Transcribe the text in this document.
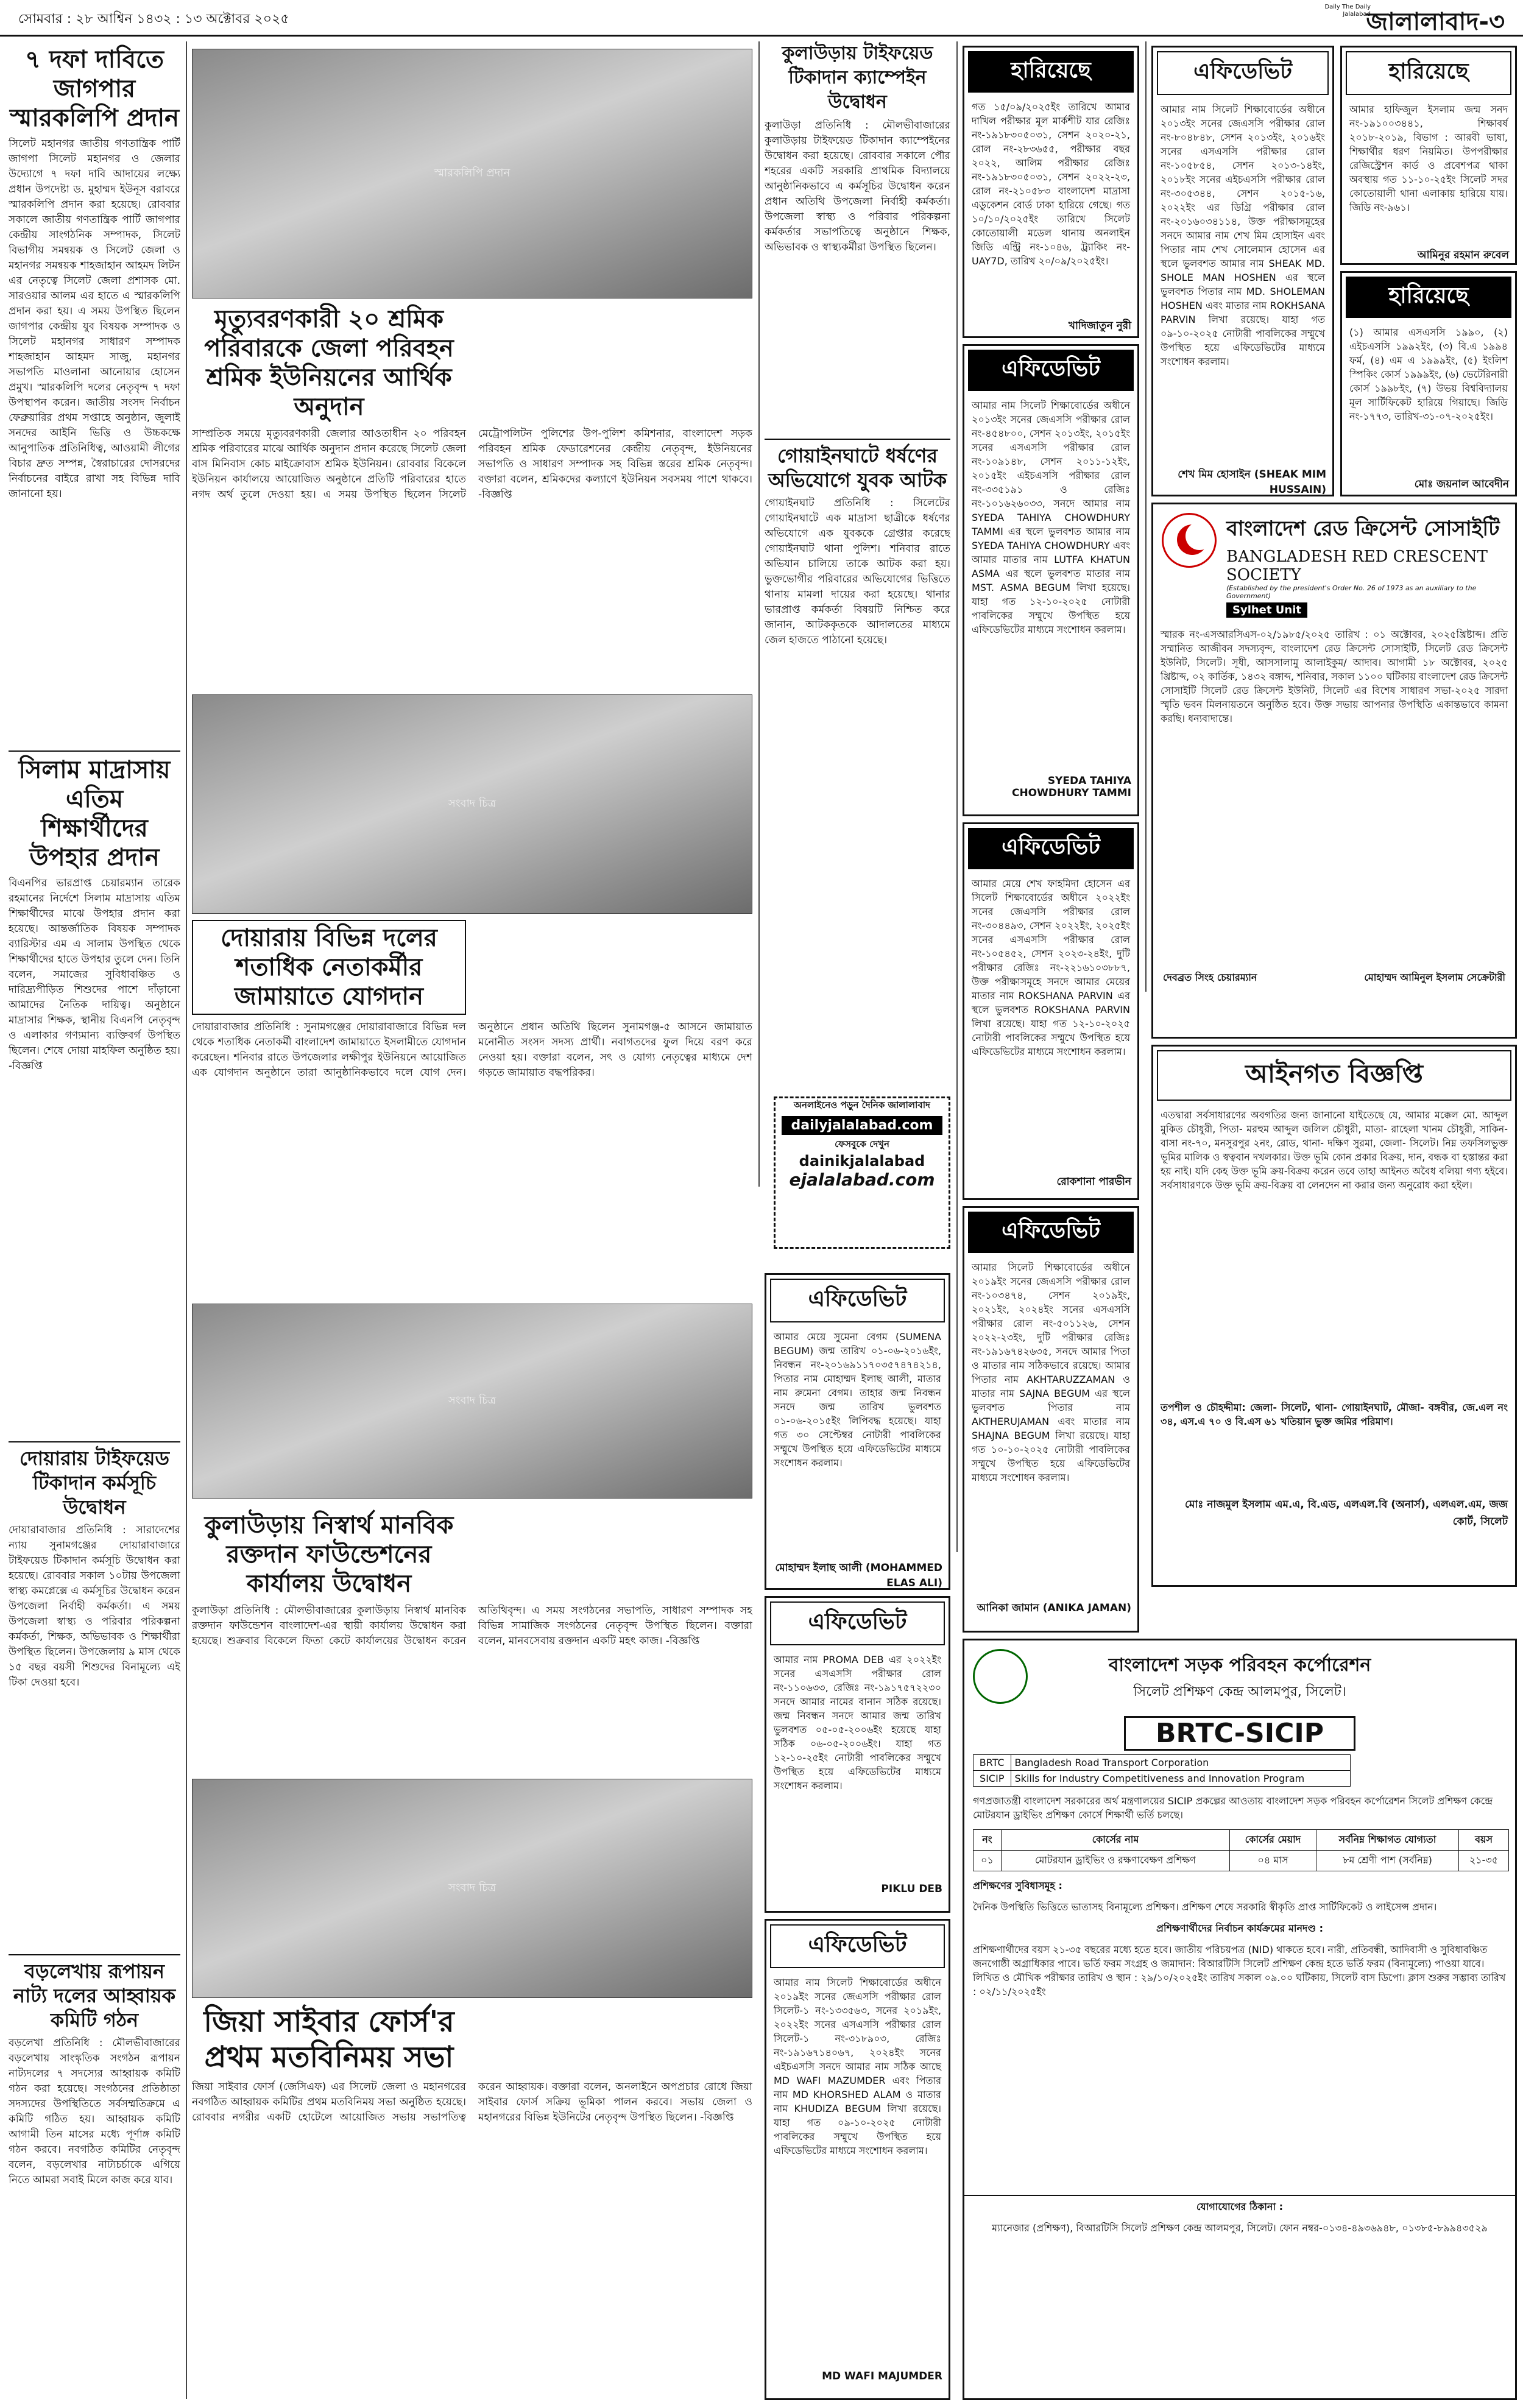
সোমবার : ২৮ আশ্বিন ১৪৩২ : ১৩ অক্টোবর ২০২৫
Daily The Daily Jalalabad
জালালাবাদ-৩
৭ দফা দাবিতে জাগপার স্মারকলিপি প্রদান
সিলেট মহানগর জাতীয় গণতান্ত্রিক পার্টি জাগপা সিলেট মহানগর ও জেলার উদ্যোগে ৭ দফা দাবি আদায়ের লক্ষ্যে প্রধান উপদেষ্টা ড. মুহাম্মদ ইউনূস বরাবরে স্মারকলিপি প্রদান করা হয়েছে। রোববার সকালে জাতীয় গণতান্ত্রিক পার্টি জাগপার কেন্দ্রীয় সাংগঠনিক সম্পাদক, সিলেট বিভাগীয় সমন্বয়ক ও সিলেট জেলা ও মহানগর সমন্বয়ক শাহজাহান আহমদ লিটন এর নেতৃত্বে সিলেট জেলা প্রশাসক মো. সারওয়ার আলম এর হাতে এ স্মারকলিপি প্রদান করা হয়। এ সময় উপস্থিত ছিলেন জাগপার কেন্দ্রীয় যুব বিষয়ক সম্পাদক ও সিলেট মহানগর সাধারণ সম্পাদক শাহজাহান আহমদ সাজু, মহানগর সভাপতি মাওলানা আনোয়ার হোসেন প্রমুখ। স্মারকলিপি দলের নেতৃবৃন্দ ৭ দফা উপস্থাপন করেন। জাতীয় সংসদ নির্বাচন ফেব্রুয়ারির প্রথম সপ্তাহে অনুষ্ঠান, জুলাই সনদের আইনি ভিত্তি ও উচ্চকক্ষে আনুপাতিক প্রতিনিধিত্ব, আওয়ামী লীগের বিচার দ্রুত সম্পন্ন, স্বৈরাচারের দোসরদের নির্বাচনের বাইরে রাখা সহ বিভিন্ন দাবি জানানো হয়।
সিলাম মাদ্রাসায় এতিম শিক্ষার্থীদের উপহার প্রদান
বিএনপির ভারপ্রাপ্ত চেয়ারম্যান তারেক রহমানের নির্দেশে সিলাম মাদ্রাসায় এতিম শিক্ষার্থীদের মাঝে উপহার প্রদান করা হয়েছে। আন্তর্জাতিক বিষয়ক সম্পাদক ব্যারিস্টার এম এ সালাম উপস্থিত থেকে শিক্ষার্থীদের হাতে উপহার তুলে দেন। তিনি বলেন, সমাজের সুবিধাবঞ্চিত ও দারিদ্র্যপীড়িত শিশুদের পাশে দাঁড়ানো আমাদের নৈতিক দায়িত্ব। অনুষ্ঠানে মাদ্রাসার শিক্ষক, স্থানীয় বিএনপি নেতৃবৃন্দ ও এলাকার গণ্যমান্য ব্যক্তিবর্গ উপস্থিত ছিলেন। শেষে দোয়া মাহফিল অনুষ্ঠিত হয়। -বিজ্ঞপ্তি
দোয়ারায় টাইফয়েড টিকাদান কর্মসূচি উদ্বোধন
দোয়ারাবাজার প্রতিনিধি : সারাদেশের ন্যায় সুনামগঞ্জের দোয়ারাবাজারে টাইফয়েড টিকাদান কর্মসূচি উদ্বোধন করা হয়েছে। রোববার সকাল ১০টায় উপজেলা স্বাস্থ্য কমপ্লেক্সে এ কর্মসূচির উদ্বোধন করেন উপজেলা নির্বাহী কর্মকর্তা। এ সময় উপজেলা স্বাস্থ্য ও পরিবার পরিকল্পনা কর্মকর্তা, শিক্ষক, অভিভাবক ও শিক্ষার্থীরা উপস্থিত ছিলেন। উপজেলায় ৯ মাস থেকে ১৫ বছর বয়সী শিশুদের বিনামূল্যে এই টিকা দেওয়া হবে।
বড়লেখায় রূপায়ন নাট্য দলের আহ্বায়ক কমিটি গঠন
বড়লেখা প্রতিনিধি : মৌলভীবাজারের বড়লেখায় সাংস্কৃতিক সংগঠন রূপায়ন নাট্যদলের ৭ সদস্যের আহ্বায়ক কমিটি গঠন করা হয়েছে। সংগঠনের প্রতিষ্ঠাতা সদস্যদের উপস্থিতিতে সর্বসম্মতিক্রমে এ কমিটি গঠিত হয়। আহ্বায়ক কমিটি আগামী তিন মাসের মধ্যে পূর্ণাঙ্গ কমিটি গঠন করবে। নবগঠিত কমিটির নেতৃবৃন্দ বলেন, বড়লেখার নাট্যচর্চাকে এগিয়ে নিতে আমরা সবাই মিলে কাজ করে যাব।
স্মারকলিপি প্রদান
মৃত্যুবরণকারী ২০ শ্রমিক পরিবারকে জেলা পরিবহন শ্রমিক ইউনিয়নের আর্থিক অনুদান
সাম্প্রতিক সময়ে মৃত্যুবরণকারী জেলার আওতাধীন ২০ পরিবহন শ্রমিক পরিবারের মাঝে আর্থিক অনুদান প্রদান করেছে সিলেট জেলা বাস মিনিবাস কোচ মাইক্রোবাস শ্রমিক ইউনিয়ন। রোববার বিকেলে ইউনিয়ন কার্যালয়ে আয়োজিত অনুষ্ঠানে প্রতিটি পরিবারের হাতে নগদ অর্থ তুলে দেওয়া হয়। এ সময় উপস্থিত ছিলেন সিলেট মেট্রোপলিটন পুলিশের উপ-পুলিশ কমিশনার, বাংলাদেশ সড়ক পরিবহন শ্রমিক ফেডারেশনের কেন্দ্রীয় নেতৃবৃন্দ, ইউনিয়নের সভাপতি ও সাধারণ সম্পাদক সহ বিভিন্ন স্তরের শ্রমিক নেতৃবৃন্দ। বক্তারা বলেন, শ্রমিকদের কল্যাণে ইউনিয়ন সবসময় পাশে থাকবে। -বিজ্ঞপ্তি
সংবাদ চিত্র
দোয়ারায় বিভিন্ন দলের শতাধিক নেতাকর্মীর জামায়াতে যোগদান
দোয়ারাবাজার প্রতিনিধি : সুনামগঞ্জের দোয়ারাবাজারে বিভিন্ন দল থেকে শতাধিক নেতাকর্মী বাংলাদেশ জামায়াতে ইসলামীতে যোগদান করেছেন। শনিবার রাতে উপজেলার লক্ষীপুর ইউনিয়নে আয়োজিত এক যোগদান অনুষ্ঠানে তারা আনুষ্ঠানিকভাবে দলে যোগ দেন। অনুষ্ঠানে প্রধান অতিথি ছিলেন সুনামগঞ্জ-৫ আসনে জামায়াত মনোনীত সংসদ সদস্য প্রার্থী। নবাগতদের ফুল দিয়ে বরণ করে নেওয়া হয়। বক্তারা বলেন, সৎ ও যোগ্য নেতৃত্বের মাধ্যমে দেশ গড়তে জামায়াত বদ্ধপরিকর।
সংবাদ চিত্র
কুলাউড়ায় নিস্বার্থ মানবিক রক্তদান ফাউন্ডেশনের কার্যালয় উদ্বোধন
কুলাউড়া প্রতিনিধি : মৌলভীবাজারের কুলাউড়ায় নিস্বার্থ মানবিক রক্তদান ফাউন্ডেশন বাংলাদেশ-এর স্থায়ী কার্যালয় উদ্বোধন করা হয়েছে। শুক্রবার বিকেলে ফিতা কেটে কার্যালয়ের উদ্বোধন করেন অতিথিবৃন্দ। এ সময় সংগঠনের সভাপতি, সাধারণ সম্পাদক সহ বিভিন্ন সামাজিক সংগঠনের নেতৃবৃন্দ উপস্থিত ছিলেন। বক্তারা বলেন, মানবসেবায় রক্তদান একটি মহৎ কাজ। -বিজ্ঞপ্তি
সংবাদ চিত্র
জিয়া সাইবার ফোর্স'র প্রথম মতবিনিময় সভা
জিয়া সাইবার ফোর্স (জেসিএফ) এর সিলেট জেলা ও মহানগরের নবগঠিত আহ্বায়ক কমিটির প্রথম মতবিনিময় সভা অনুষ্ঠিত হয়েছে। রোববার নগরীর একটি হোটেলে আয়োজিত সভায় সভাপতিত্ব করেন আহ্বায়ক। বক্তারা বলেন, অনলাইনে অপপ্রচার রোধে জিয়া সাইবার ফোর্স সক্রিয় ভূমিকা পালন করবে। সভায় জেলা ও মহানগরের বিভিন্ন ইউনিটের নেতৃবৃন্দ উপস্থিত ছিলেন। -বিজ্ঞপ্তি
কুলাউড়ায় টাইফয়েড টিকাদান ক্যাম্পেইন উদ্বোধন
কুলাউড়া প্রতিনিধি : মৌলভীবাজারের কুলাউড়ায় টাইফয়েড টিকাদান ক্যাম্পেইনের উদ্বোধন করা হয়েছে। রোববার সকালে পৌর শহরের একটি সরকারি প্রাথমিক বিদ্যালয়ে আনুষ্ঠানিকভাবে এ কর্মসূচির উদ্বোধন করেন প্রধান অতিথি উপজেলা নির্বাহী কর্মকর্তা। উপজেলা স্বাস্থ্য ও পরিবার পরিকল্পনা কর্মকর্তার সভাপতিত্বে অনুষ্ঠানে শিক্ষক, অভিভাবক ও স্বাস্থ্যকর্মীরা উপস্থিত ছিলেন।
গোয়াইনঘাটে ধর্ষণের অভিযোগে যুবক আটক
গোয়াইনঘাট প্রতিনিধি : সিলেটের গোয়াইনঘাটে এক মাদ্রাসা ছাত্রীকে ধর্ষণের অভিযোগে এক যুবককে গ্রেপ্তার করেছে গোয়াইনঘাট থানা পুলিশ। শনিবার রাতে অভিযান চালিয়ে তাকে আটক করা হয়। ভুক্তভোগীর পরিবারের অভিযোগের ভিত্তিতে থানায় মামলা দায়ের করা হয়েছে। থানার ভারপ্রাপ্ত কর্মকর্তা বিষয়টি নিশ্চিত করে জানান, আটককৃতকে আদালতের মাধ্যমে জেল হাজতে পাঠানো হয়েছে।
অনলাইনেও পড়ুন দৈনিক জালালাবাদ
dailyjalalabad.com
ফেসবুকে দেখুন
dainikjalalabad
ejalalabad.com
এফিডেভিট
আমার মেয়ে সুমেনা বেগম (SUMENA BEGUM) জন্ম তারিখ ০১-০৬-২০১৬ইং, নিবন্ধন নং-২০১৬৯১১৭০৩৫৭৪৭৪২১৪, পিতার নাম মোহাম্মদ ইলাছ আলী, মাতার নাম রুমেনা বেগম। তাহার জন্ম নিবন্ধন সনদে জন্ম তারিখ ভুলবশত ০১-০৬-২০১৫ইং লিপিবদ্ধ হয়েছে। যাহা গত ৩০ সেপ্টেম্বর নোটারী পাবলিকের সম্মুখে উপস্থিত হয়ে এফিডেভিটের মাধ্যমে সংশোধন করলাম।
মোহাম্মদ ইলাছ আলী (MOHAMMED ELAS ALI)
এফিডেভিট
আমার নাম PROMA DEB এর ২০২২ইং সনের এসএসসি পরীক্ষার রোল নং-১১০৬৩৩, রেজিঃ নং-১৯১৭৫৭২২৩০ সনদে আমার নামের বানান সঠিক রয়েছে। জন্ম নিবন্ধন সনদে আমার জন্ম তারিখ ভুলবশত ০৫-০৫-২০০৬ইং হয়েছে যাহা সঠিক ০৬-০৫-২০০৬ইং। যাহা গত ১২-১০-২৫ইং নোটারী পাবলিকের সম্মুখে উপস্থিত হয়ে এফিডেভিটের মাধ্যমে সংশোধন করলাম।
PIKLU DEB
এফিডেভিট
আমার নাম সিলেট শিক্ষাবোর্ডের অধীনে ২০১৯ইং সনের জেএসসি পরীক্ষার রোল সিলেট-১ নং-১৩৩৫৬৩, সনের ২০১৯ইং, ২০২২ইং সনের এসএসসি পরীক্ষার রোল সিলেট-১ নং-৩১৮৯০৩, রেজিঃ নং-১৯১৬৭১৪০৬৭, ২০২৪ইং সনের এইচএসসি সনদে আমার নাম সঠিক আছে MD WAFI MAZUMDER এবং পিতার নাম MD KHORSHED ALAM ও মাতার নাম KHUDIZA BEGUM লিখা রয়েছে। যাহা গত ০৯-১০-২০২৫ নোটারী পাবলিকের সম্মুখে উপস্থিত হয়ে এফিডেভিটের মাধ্যমে সংশোধন করলাম।
MD WAFI MAJUMDER
হারিয়েছে
গত ১৫/০৯/২০২৫ইং তারিখে আমার দাখিল পরীক্ষার মূল মার্কশীট যার রেজিঃ নং-১৯১৮৩০৫০৩১, সেশন ২০২০-২১, রোল নং-২৮৩৬৫৫, পরীক্ষার বছর ২০২২, আলিম পরীক্ষার রেজিঃ নং-১৯১৮৩০৫০৩১, সেশন ২০২২-২৩, রোল নং-২১০৫৮৩ বাংলাদেশ মাদ্রাসা এডুকেশন বোর্ড ঢাকা হারিয়ে গেছে। গত ১০/১০/২০২৫ইং তারিখে সিলেট কোতোয়ালী মডেল থানায় অনলাইন জিডি এন্ট্রি নং-১০৪৬, ট্র্যাকিং নং-UAY7D, তারিখ ২০/০৯/২০২৫ইং।
খাদিজাতুন নুরী
এফিডেভিট
আমার নাম সিলেট শিক্ষাবোর্ডের অধীনে ২০১৩ইং সনের জেএসসি পরীক্ষার রোল নং-৪৫৪৮০০, সেশন ২০১৩ইং, ২০১৫ইং সনের এসএসসি পরীক্ষার রোল নং-১০৯১৪৮, সেশন ২০১১-১২ইং, ২০১৫ইং এইচএসসি পরীক্ষার রোল নং-৩৩৫১৯১ ও রেজিঃ নং-১০১৬২৬০৩৩, সনদে আমার নাম SYEDA TAHIYA CHOWDHURY TAMMI এর স্থলে ভুলবশত আমার নাম SYEDA TAHIYA CHOWDHURY এবং আমার মাতার নাম LUTFA KHATUN ASMA এর স্থলে ভুলবশত মাতার নাম MST. ASMA BEGUM লিখা হয়েছে। যাহা গত ১২-১০-২০২৫ নোটারী পাবলিকের সম্মুখে উপস্থিত হয়ে এফিডেভিটের মাধ্যমে সংশোধন করলাম।
SYEDA TAHIYA CHOWDHURY TAMMI
এফিডেভিট
আমার মেয়ে শেখ ফাহমিদা হোসেন এর সিলেট শিক্ষাবোর্ডের অধীনে ২০২২ইং সনের জেএসসি পরীক্ষার রোল নং-৩০৪৪৯৩, সেশন ২০২২ইং, ২০২৫ইং সনের এসএসসি পরীক্ষার রোল নং-১০৫৪৫২, সেশন ২০২৩-২৪ইং, দুটি পরীক্ষার রেজিঃ নং-২২১৬১০৩৮৮৭, উক্ত পরীক্ষাসমূহে সনদে আমার মেয়ের মাতার নাম ROKSHANA PARVIN এর স্থলে ভুলবশত ROKSHANA PARVIN লিখা রয়েছে। যাহা গত ১২-১০-২০২৫ নোটারী পাবলিকের সম্মুখে উপস্থিত হয়ে এফিডেভিটের মাধ্যমে সংশোধন করলাম।
রোকশানা পারভীন
এফিডেভিট
আমার সিলেট শিক্ষাবোর্ডের অধীনে ২০১৯ইং সনের জেএসসি পরীক্ষার রোল নং-১০৩৪৭৪, সেশন ২০১৯ইং, ২০২১ইং, ২০২৪ইং সনের এসএসসি পরীক্ষার রোল নং-৫০১১২৬, সেশন ২০২২-২৩ইং, দুটি পরীক্ষার রেজিঃ নং-১৯১৬৭৪২৬৩৫, সনদে আমার পিতা ও মাতার নাম সঠিকভাবে রয়েছে। আমার পিতার নাম AKHTARUZZAMAN ও মাতার নাম SAJNA BEGUM এর স্থলে ভুলবশত পিতার নাম AKTHERUJAMAN এবং মাতার নাম SHAJNA BEGUM লিখা রয়েছে। যাহা গত ১০-১০-২০২৫ নোটারী পাবলিকের সম্মুখে উপস্থিত হয়ে এফিডেভিটের মাধ্যমে সংশোধন করলাম।
আনিকা জামান (ANIKA JAMAN)
এফিডেভিট
আমার নাম সিলেট শিক্ষাবোর্ডের অধীনে ২০১৩ইং সনের জেএসসি পরীক্ষার রোল নং-৮০৪৮৪৮, সেশন ২০১৩ইং, ২০১৬ইং সনের এসএসসি পরীক্ষার রোল নং-১০৫৮৫৪, সেশন ২০১৩-১৪ইং, ২০১৮ইং সনের এইচএসসি পরীক্ষার রোল নং-৩০৫৩৪৪, সেশন ২০১৫-১৬, ২০২২ইং এর ডিগ্রি পরীক্ষার রোল নং-২০১৬০৩৪১১৪, উক্ত পরীক্ষাসমূহের সনদে আমার নাম শেখ মিম হোসাইন এবং পিতার নাম শেখ সোলেমান হোসেন এর স্থলে ভুলবশত আমার নাম SHEAK MD. SHOLE MAN HOSHEN এর স্থলে ভুলবশত পিতার নাম MD. SHOLEMAN HOSHEN এবং মাতার নাম ROKHSANA PARVIN লিখা রয়েছে। যাহা গত ০৯-১০-২০২৫ নোটারী পাবলিকের সম্মুখে উপস্থিত হয়ে এফিডেভিটের মাধ্যমে সংশোধন করলাম।
শেখ মিম হোসাইন (SHEAK MIM HUSSAIN)
হারিয়েছে
আমার হাফিজুল ইসলাম জন্ম সনদ নং-১৯১০০৩৪৪১, শিক্ষাবর্ষ ২০১৮-২০১৯, বিভাগ : আরবী ভাষা, শিক্ষার্থীর ধরণ নিয়মিত। উপপরীক্ষার রেজিস্ট্রেশন কার্ড ও প্রবেশপত্র থাকা অবস্থায় গত ১১-১০-২৫ইং সিলেট সদর কোতোয়ালী থানা এলাকায় হারিয়ে যায়। জিডি নং-৯৬১।
আমিনুর রহমান রুবেল
হারিয়েছে
(১) আমার এসএসসি ১৯৯০, (২) এইচএসসি ১৯৯২ইং, (৩) বি.এ ১৯৯৪ ফর্ম, (৪) এম এ ১৯৯৯ইং, (৫) ইংলিশ স্পিকিং কোর্স ১৯৯৯ইং, (৬) ভেটেরিনারী কোর্স ১৯৯৮ইং, (৭) উভয় বিশ্ববিদ্যালয় মূল সার্টিফিকেট হারিয়ে গিয়াছে। জিডি নং-১৭৭৩, তারিখ-৩১-০৭-২০২৫ইং।
মোঃ জয়নাল আবেদীন
বাংলাদেশ রেড ক্রিসেন্ট সোসাইটি
BANGLADESH RED CRESCENT SOCIETY
(Established by the president's Order No. 26 of 1973 as an auxiliary to the Government)
Sylhet Unit
স্মারক নং-এসআরসিএস-০২/১৯৮৫/২০২৫ তারিখ : ০১ অক্টোবর, ২০২৫খ্রিষ্টাব্দ। প্রতি সম্মানিত আজীবন সদস্যবৃন্দ, বাংলাদেশ রেড ক্রিসেন্ট সোসাইটি, সিলেট রেড ক্রিসেন্ট ইউনিট, সিলেট। সূধী, আসসালামু আলাইকুম/ আদাব। আগামী ১৮ অক্টোবর, ২০২৫ খ্রিষ্টাব্দ, ০২ কার্তিক, ১৪৩২ বঙ্গাব্দ, শনিবার, সকাল ১১০০ ঘটিকায় বাংলাদেশ রেড ক্রিসেন্ট সোসাইটি সিলেট রেড ক্রিসেন্ট ইউনিট, সিলেট এর বিশেষ সাধারণ সভা-২০২৫ সারদা স্মৃতি ভবন মিলনায়তনে অনুষ্ঠিত হবে। উক্ত সভায় আপনার উপস্থিতি একান্তভাবে কামনা করছি। ধন্যবাদান্তে।
দেবব্রত সিংহ চেয়ারম্যান	মোহাম্মদ আমিনুল ইসলাম সেক্রেটারী
আইনগত বিজ্ঞপ্তি
এতদ্বারা সর্বসাধারণের অবগতির জন্য জানানো যাইতেছে যে, আমার মক্কেল মো. আব্দুল মুকিত চৌধুরী, পিতা- মরহুম আব্দুল জলিল চৌধুরী, মাতা- রাহেলা খানম চৌধুরী, সাকিন- বাসা নং-৭০, মনসুরপুর ২নং, রোড, থানা- দক্ষিণ সুরমা, জেলা- সিলেট। নিম্ন তফসিলভুক্ত ভূমির মালিক ও স্বত্ববান দখলকার। উক্ত ভূমি কোন প্রকার বিক্রয়, দান, বন্ধক বা হস্তান্তর করা হয় নাই। যদি কেহ উক্ত ভূমি ক্রয়-বিক্রয় করেন তবে তাহা আইনত অবৈধ বলিয়া গণ্য হইবে। সর্বসাধারণকে উক্ত ভূমি ক্রয়-বিক্রয় বা লেনদেন না করার জন্য অনুরোধ করা হইল।
তপশীল ও চৌহদ্দীমা: জেলা- সিলেট, থানা- গোয়াইনঘাট, মৌজা- বঙ্গবীর, জে.এল নং ৩৪, এস.এ ৭০ ও বি.এস ৬১ খতিয়ান ভুক্ত জমির পরিমাণ।
মোঃ নাজমুল ইসলাম এম.এ, বি.এড, এলএল.বি (অনার্স), এলএল.এম, জজ কোর্ট, সিলেট
বাংলাদেশ সড়ক পরিবহন কর্পোরেশন
সিলেট প্রশিক্ষণ কেন্দ্র আলমপুর, সিলেট।
BRTC-SICIP
BRTC	Bangladesh Road Transport Corporation
SICIP	Skills for Industry Competitiveness and Innovation Program
গণপ্রজাতন্ত্রী বাংলাদেশ সরকারের অর্থ মন্ত্রণালয়ের SICIP প্রকল্পের আওতায় বাংলাদেশ সড়ক পরিবহন কর্পোরেশন সিলেট প্রশিক্ষণ কেন্দ্রে মোটরযান ড্রাইভিং প্রশিক্ষণ কোর্সে শিক্ষার্থী ভর্তি চলছে।
নং	কোর্সের নাম	কোর্সের মেয়াদ	সর্বনিম্ন শিক্ষাগত যোগ্যতা	বয়স
০১	মোটরযান ড্রাইভিং ও রক্ষণাবেক্ষণ প্রশিক্ষণ	০৪ মাস	৮ম শ্রেণী পাশ (সর্বনিম্ন)	২১-৩৫
প্রশিক্ষণের সুবিধাসমূহ :
দৈনিক উপস্থিতি ভিত্তিতে ভাতাসহ বিনামূল্যে প্রশিক্ষণ। প্রশিক্ষণ শেষে সরকারি স্বীকৃতি প্রাপ্ত সার্টিফিকেট ও লাইসেন্স প্রদান।
প্রশিক্ষণার্থীদের নির্বাচন কার্যক্রমের মানদণ্ড :
প্রশিক্ষণার্থীদের বয়স ২১-৩৫ বছরের মধ্যে হতে হবে। জাতীয় পরিচয়পত্র (NID) থাকতে হবে। নারী, প্রতিবন্ধী, আদিবাসী ও সুবিধাবঞ্চিত জনগোষ্ঠী অগ্রাধিকার পাবে। ভর্তি ফরম সংগ্রহ ও জমাদান: বিআরটিসি সিলেট প্রশিক্ষণ কেন্দ্র হতে ভর্তি ফরম (বিনামূল্যে) পাওয়া যাবে। লিখিত ও মৌখিক পরীক্ষার তারিখ ও স্থান : ২৯/১০/২০২৫ইং তারিখ সকাল ০৯.০০ ঘটিকায়, সিলেট বাস ডিপো। ক্লাস শুরুর সম্ভাব্য তারিখ : ০২/১১/২০২৫ইং
যোগাযোগের ঠিকানা :
ম্যানেজার (প্রশিক্ষণ), বিআরটিসি সিলেট প্রশিক্ষণ কেন্দ্র আলমপুর, সিলেট। ফোন নম্বর-০১৩৪-৪৯৩৬৯৪৮, ০১৩৮৫-৮৯৯৪৩৫২৯
